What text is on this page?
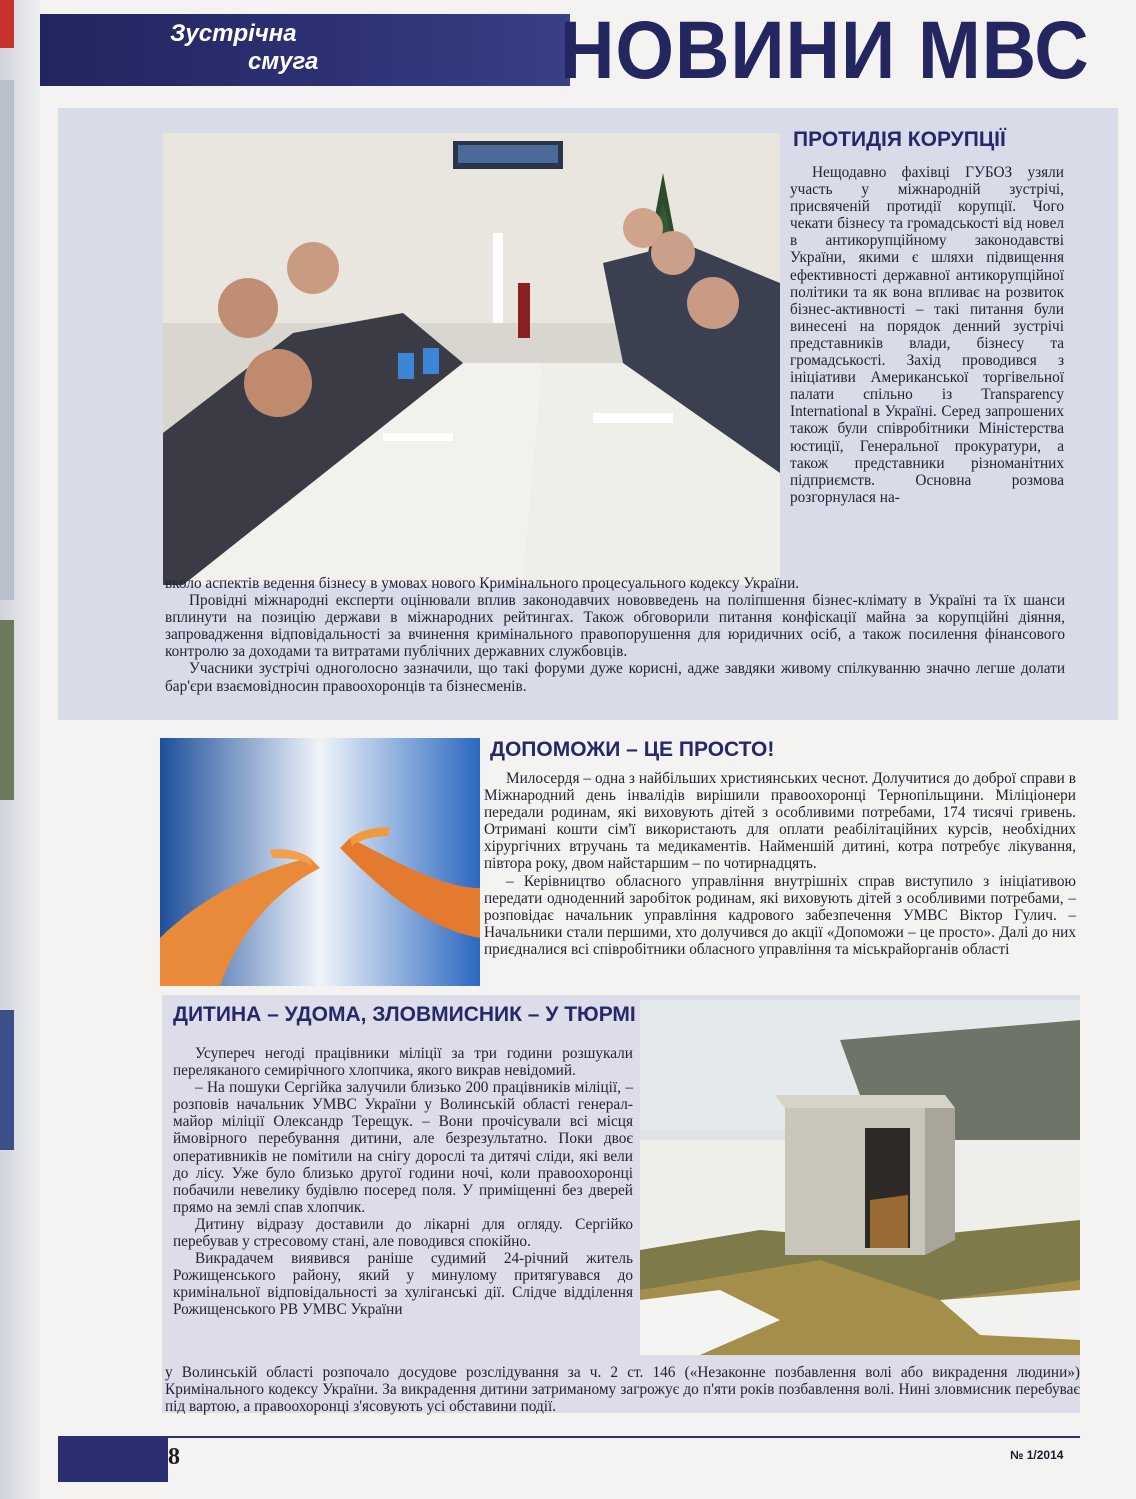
Зустрічна
смуга	НОВИНИ МВС
ПРОТИДІЯ КОРУПЦІЇ
Нещодавно фахівці ГУБОЗ узяли участь у міжнародній зустрічі, присвяченій протидії корупції. Чого чекати бізнесу та громадськості від новел в антикорупційному законодавстві України, якими є шляхи підвищення ефективності державної антикорупційної політики та як вона впливає на розвиток бізнес-активності – такі питання були винесені на порядок денний зустрічі представників влади, бізнесу та громадськості. Захід проводився з ініціативи Американської торгівельної палати спільно із Transparency International в Україні. Серед запрошених також були співробітники Міністерства юстиції, Генеральної прокуратури, а також представники різноманітних підприємств. Основна розмова розгорнулася на-

вколо аспектів ведення бізнесу в умовах нового Кримінального процесуального кодексу України.

Провідні міжнародні експерти оцінювали вплив законодавчих нововведень на поліпшення бізнес-клімату в Україні та їх шанси вплинути на позицію держави в міжнародних рейтингах. Також обговорили питання конфіскації майна за корупційні діяння, запровадження відповідальності за вчинення кримінального правопорушення для юридичних осіб, а також посилення фінансового контролю за доходами та витратами публічних державних службовців.

Учасники зустрічі одноголосно зазначили, що такі форуми дуже корисні, адже завдяки живому спілкуванню значно легше долати бар'єри взаємовідносин правоохоронців та бізнесменів.

ДОПОМОЖИ – ЦЕ ПРОСТО!

Милосердя – одна з найбільших християнських чеснот. Долучитися до доброї справи в Міжнародний день інвалідів вирішили правоохоронці Тернопільщини. Міліціонери передали родинам, які виховують дітей з особливими потребами, 174 тисячі гривень. Отримані кошти сім'ї використають для оплати реабілітаційних курсів, необхідних хірургічних втручань та медикаментів. Найменшій дитині, котра потребує лікування, півтора року, двом найстаршим – по чотирнадцять.

– Керівництво обласного управління внутрішніх справ виступило з ініціативою передати одноденний заробіток родинам, які виховують дітей з особливими потребами, – розповідає начальник управління кадрового забезпечення УМВС Віктор Гулич. – Начальники стали першими, хто долучився до акції «Допоможи – це просто». Далі до них приєдналися всі співробітники обласного управління та міськрайорганів області

ДИТИНА – УДОМА, ЗЛОВМИСНИК – У ТЮРМІ

Усупереч негоді працівники міліції за три години розшукали переляканого семирічного хлопчика, якого викрав невідомий.

– На пошуки Сергійка залучили близько 200 працівників міліції, – розповів начальник УМВС України у Волинській області генерал-майор міліції Олександр Терещук. – Вони прочісували всі місця ймовірного перебування дитини, але безрезультатно. Поки двоє оперативників не помітили на снігу дорослі та дитячі сліди, які вели до лісу. Уже було близько другої години ночі, коли правоохоронці побачили невелику будівлю посеред поля. У приміщенні без дверей прямо на землі спав хлопчик.

Дитину відразу доставили до лікарні для огляду. Сергійко перебував у стресовому стані, але поводився спокійно.

Викрадачем виявився раніше судимий 24-річний житель Рожищенського району, який у минулому притягувався до кримінальної відповідальності за хуліганські дії. Слідче відділення Рожищенського РВ УМВС України

у Волинській області розпочало досудове розслідування за ч. 2 ст. 146 («Незаконне позбавлення волі або викрадення людини») Кримінального кодексу України. За викрадення дитини затриманому загрожує до п'яти років позбавлення волі. Нині зловмисник перебуває під вартою, а правоохоронці з'ясовують усі обставини події.
8	№ 1/2014
